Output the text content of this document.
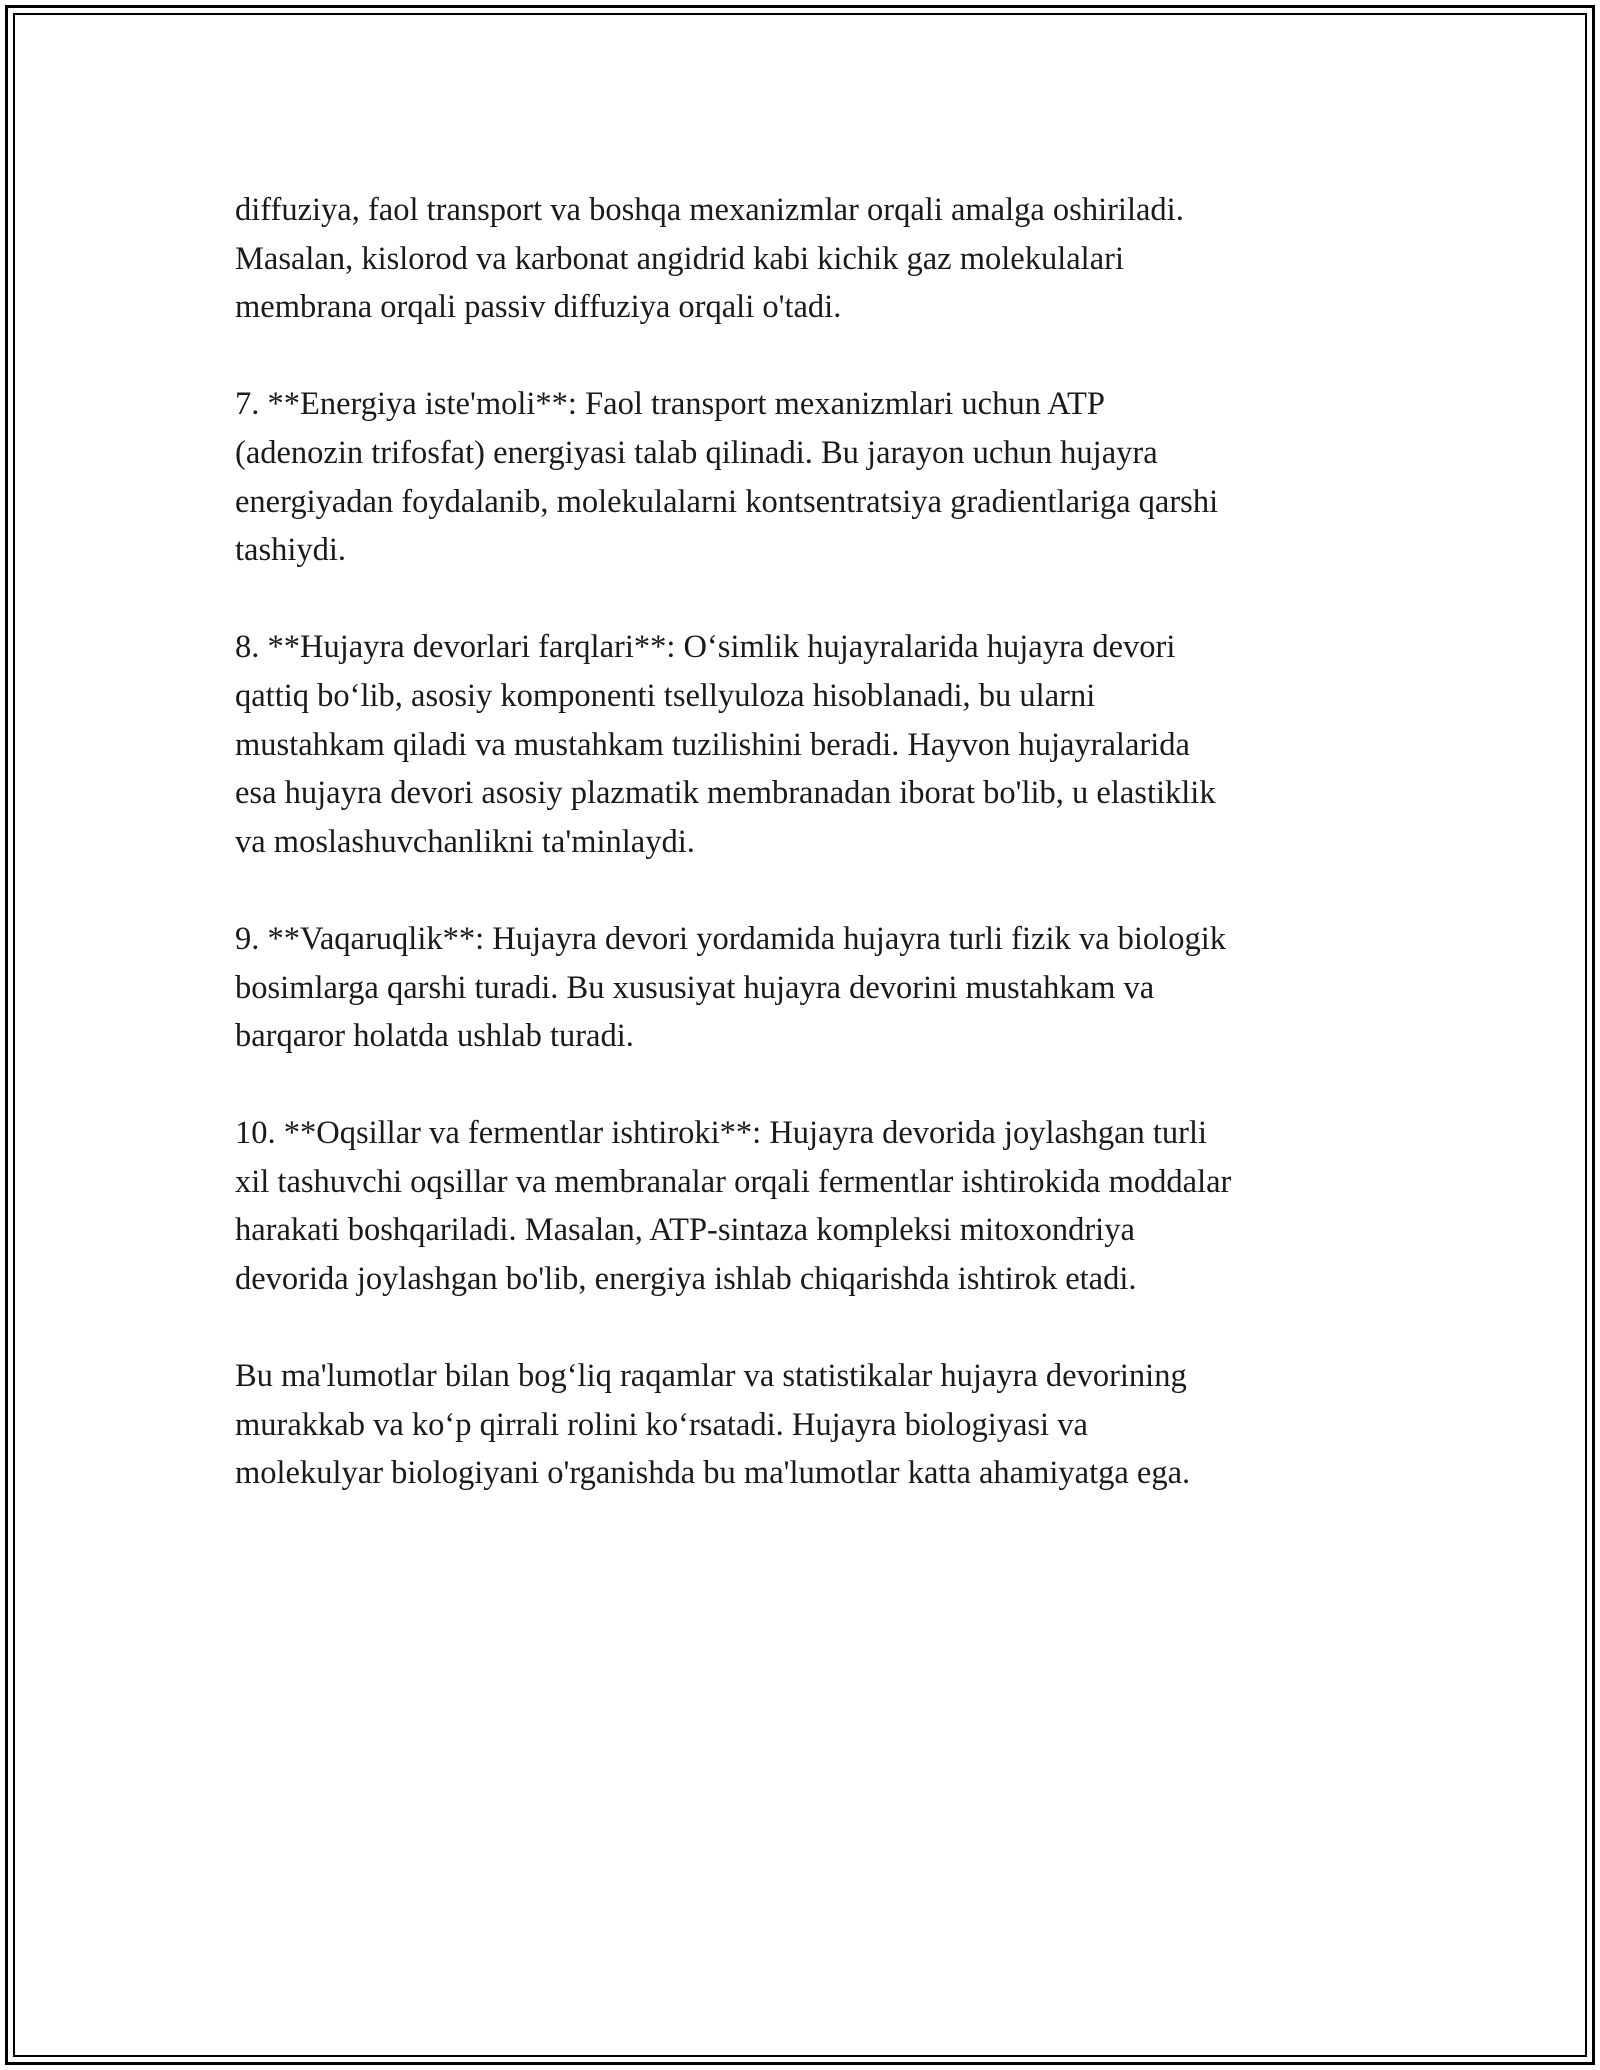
diffuziya, faol transport va boshqa mexanizmlar orqali amalga oshiriladi.
Masalan, kislorod va karbonat angidrid kabi kichik gaz molekulalari
membrana orqali passiv diffuziya orqali o'tadi.

7. **Energiya iste'moli**: Faol transport mexanizmlari uchun ATP
(adenozin trifosfat) energiyasi talab qilinadi. Bu jarayon uchun hujayra
energiyadan foydalanib, molekulalarni kontsentratsiya gradientlariga qarshi
tashiydi.

8. **Hujayra devorlari farqlari**: O‘simlik hujayralarida hujayra devori
qattiq bo‘lib, asosiy komponenti tsellyuloza hisoblanadi, bu ularni
mustahkam qiladi va mustahkam tuzilishini beradi. Hayvon hujayralarida
esa hujayra devori asosiy plazmatik membranadan iborat bo'lib, u elastiklik
va moslashuvchanlikni ta'minlaydi.

9. **Vaqaruqlik**: Hujayra devori yordamida hujayra turli fizik va biologik
bosimlarga qarshi turadi. Bu xususiyat hujayra devorini mustahkam va
barqaror holatda ushlab turadi.

10. **Oqsillar va fermentlar ishtiroki**: Hujayra devorida joylashgan turli
xil tashuvchi oqsillar va membranalar orqali fermentlar ishtirokida moddalar
harakati boshqariladi. Masalan, ATP-sintaza kompleksi mitoxondriya
devorida joylashgan bo'lib, energiya ishlab chiqarishda ishtirok etadi.

Bu ma'lumotlar bilan bog‘liq raqamlar va statistikalar hujayra devorining
murakkab va ko‘p qirrali rolini ko‘rsatadi. Hujayra biologiyasi va
molekulyar biologiyani o'rganishda bu ma'lumotlar katta ahamiyatga ega.
